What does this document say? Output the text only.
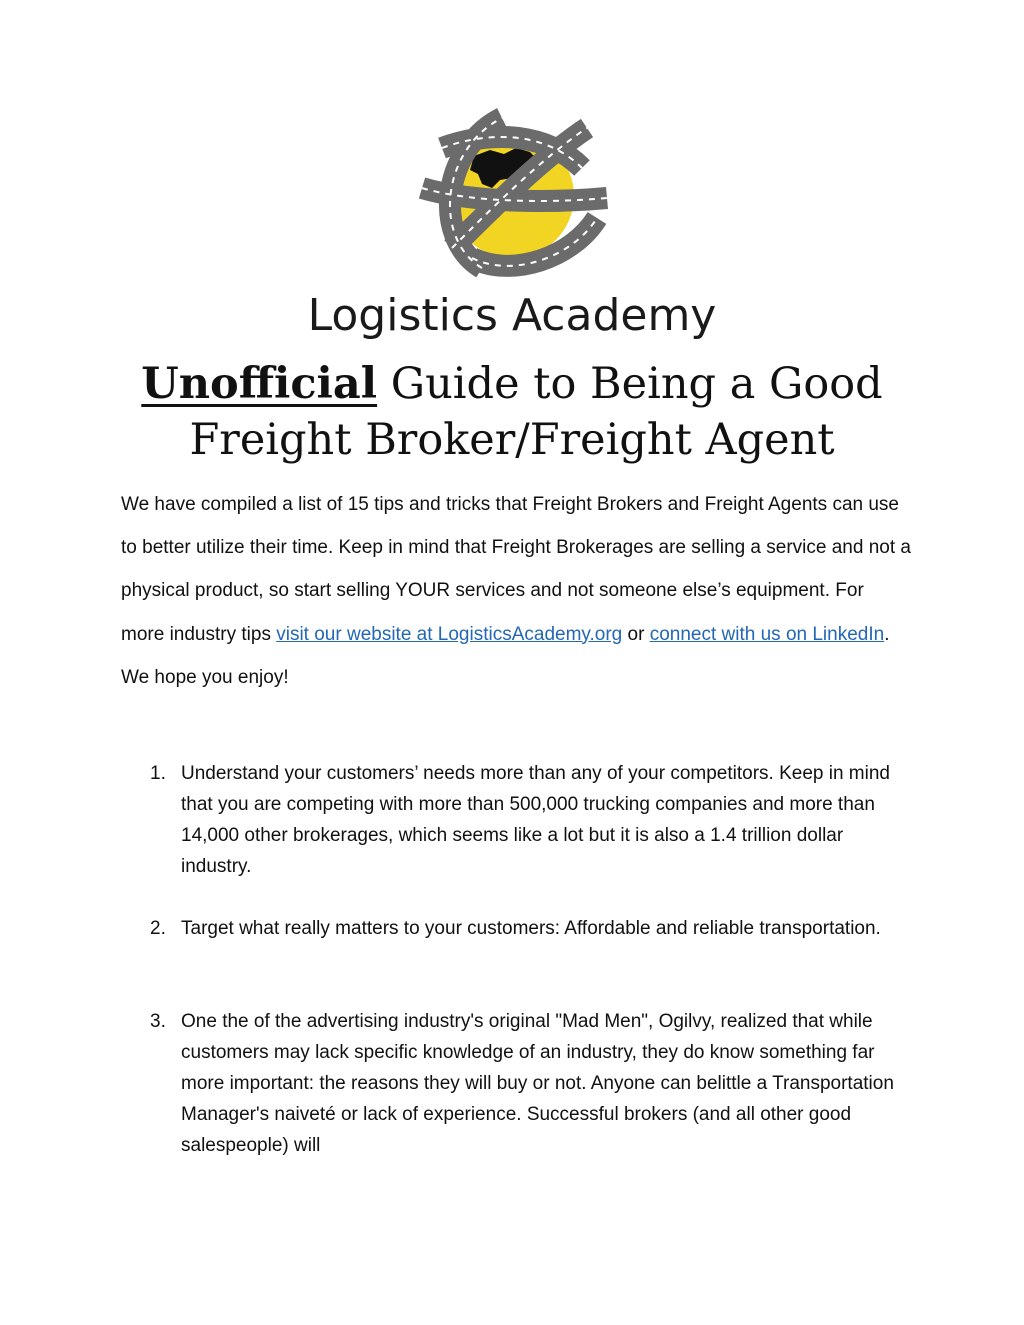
Logistics Academy
Unofficial Guide to Being a Good
Freight Broker/Freight Agent

We have compiled a list of 15 tips and tricks that Freight Brokers and Freight Agents can use to better utilize their time. Keep in mind that Freight Brokerages are selling a service and not a physical product, so start selling YOUR services and not someone else’s equipment. For more industry tips visit our website at LogisticsAcademy.org or connect with us on LinkedIn. We hope you enjoy!

1. Understand your customers’ needs more than any of your competitors. Keep in mind that you are competing with more than 500,000 trucking companies and more than 14,000 other brokerages, which seems like a lot but it is also a 1.4 trillion dollar industry.
2. Target what really matters to your customers: Affordable and reliable transportation.
3. One the of the advertising industry's original "Mad Men", Ogilvy, realized that while customers may lack specific knowledge of an industry, they do know something far more important: the reasons they will buy or not. Anyone can belittle a Transportation Manager's naiveté or lack of experience. Successful brokers (and all other good salespeople) will
